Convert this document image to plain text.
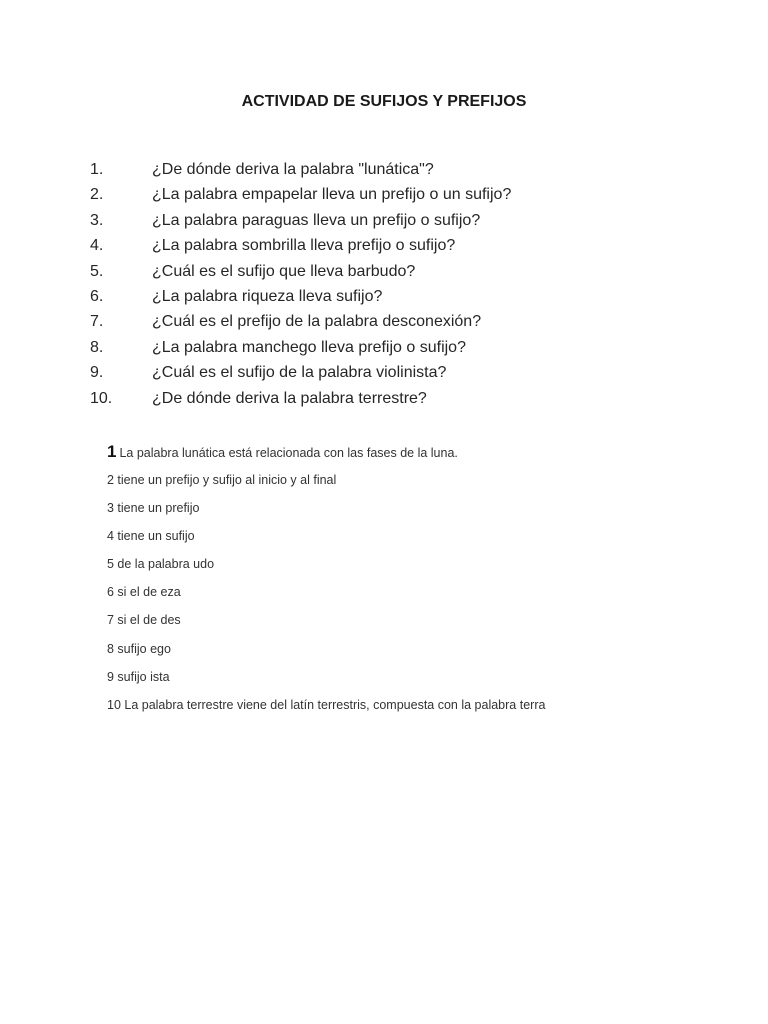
ACTIVIDAD DE SUFIJOS Y PREFIJOS
1.	¿De dónde deriva la palabra "lunática"?
2.	¿La palabra empapelar lleva un prefijo o un sufijo?
3.	¿La palabra paraguas lleva un prefijo o sufijo?
4.	¿La palabra sombrilla lleva prefijo o sufijo?
5.	¿Cuál es el sufijo que lleva barbudo?
6.	¿La palabra riqueza lleva sufijo?
7.	¿Cuál es el prefijo de la palabra desconexión?
8.	¿La palabra manchego lleva prefijo o sufijo?
9.	¿Cuál es el sufijo de la palabra violinista?
10.	¿De dónde deriva la palabra terrestre?
1 La palabra lunática está relacionada con las fases de la luna.
2 tiene un prefijo y sufijo al inicio y al final
3 tiene un prefijo
4 tiene un sufijo
5 de la palabra udo
6 si el de eza
7 si el de des
8 sufijo ego
9 sufijo ista
10 La palabra terrestre viene del latín terrestris, compuesta con la palabra terra
